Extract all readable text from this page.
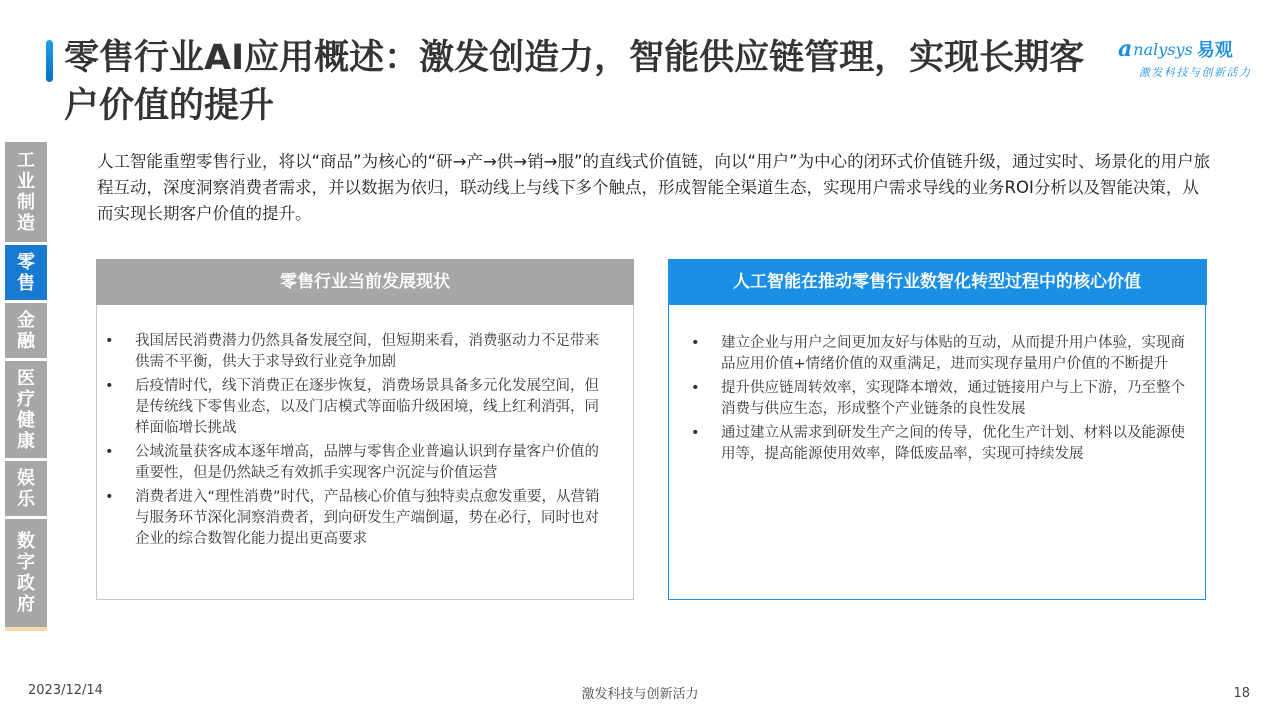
零售行业AI应用概述：激发创造力，智能供应链管理，实现长期客户价值的提升
a nalysys 易观
激发科技与创新活力
工业制造
零售
金融
医疗健康
娱乐
数字政府

人工智能重塑零售行业，将以“商品”为核心的“研→产→供→销→服”的直线式价值链，向以“用户”为中心的闭环式价值链升级，通过实时、场景化的用户旅程互动，深度洞察消费者需求，并以数据为依归，联动线上与线下多个触点，形成智能全渠道生态，实现用户需求导线的业务ROI分析以及智能决策，从而实现长期客户价值的提升。

零售行业当前发展现状
• 我国居民消费潜力仍然具备发展空间，但短期来看，消费驱动力不足带来供需不平衡，供大于求导致行业竞争加剧
• 后疫情时代，线下消费正在逐步恢复，消费场景具备多元化发展空间，但是传统线下零售业态，以及门店模式等面临升级困境，线上红利消弭，同样面临增长挑战
• 公域流量获客成本逐年增高，品牌与零售企业普遍认识到存量客户价值的重要性，但是仍然缺乏有效抓手实现客户沉淀与价值运营
• 消费者进入“理性消费”时代，产品核心价值与独特卖点愈发重要，从营销与服务环节深化洞察消费者，到向研发生产端倒逼，势在必行，同时也对企业的综合数智化能力提出更高要求
人工智能在推动零售行业数智化转型过程中的核心价值
• 建立企业与用户之间更加友好与体贴的互动，从而提升用户体验，实现商品应用价值+情绪价值的双重满足，进而实现存量用户价值的不断提升
• 提升供应链周转效率，实现降本增效，通过链接用户与上下游，乃至整个消费与供应生态，形成整个产业链条的良性发展
• 通过建立从需求到研发生产之间的传导，优化生产计划、材料以及能源使用等，提高能源使用效率，降低废品率，实现可持续发展
2023/12/14	激发科技与创新活力	18
